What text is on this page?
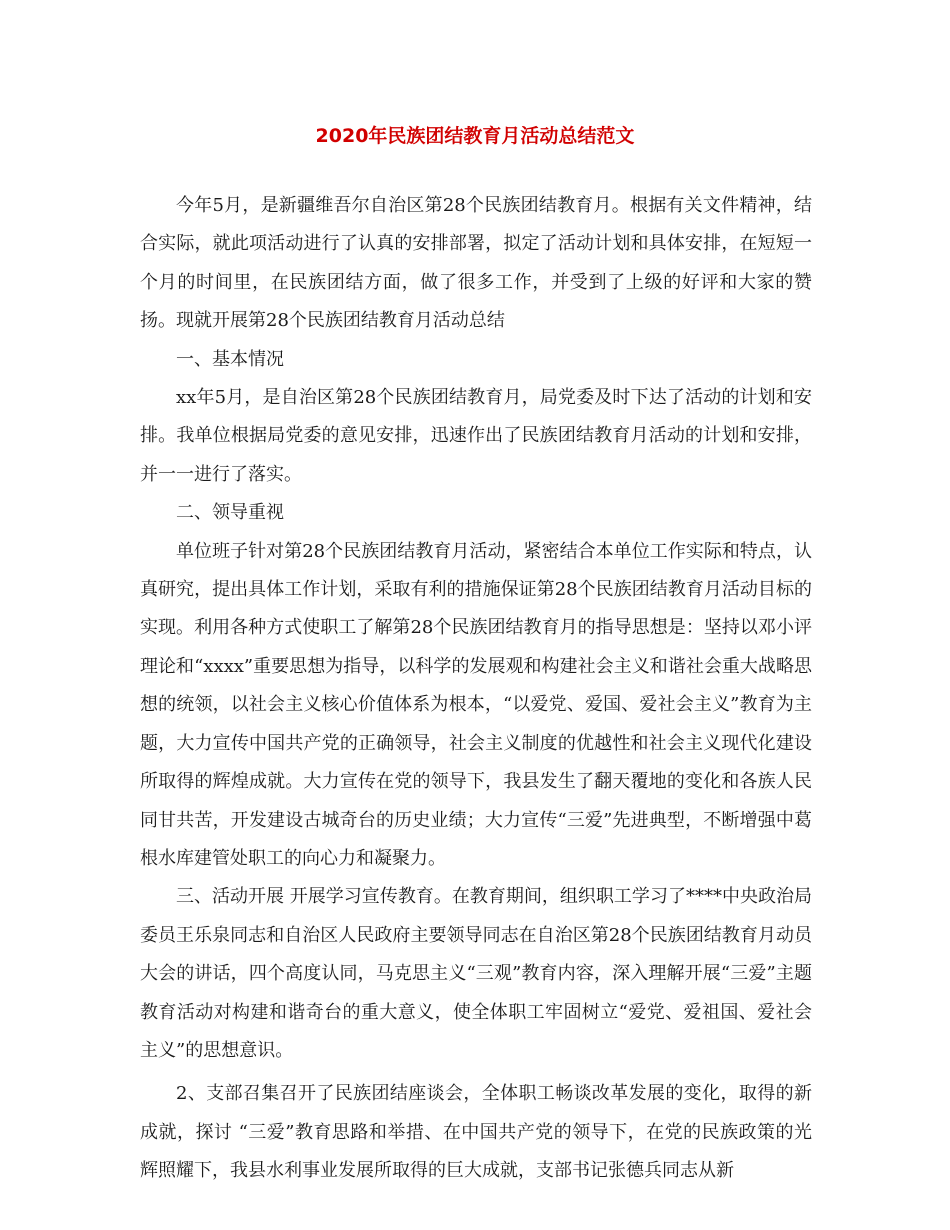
2020年民族团结教育月活动总结范文

今年5月，是新疆维吾尔自治区第28个民族团结教育月。根据有关文件精神，结合实际，就此项活动进行了认真的安排部署，拟定了活动计划和具体安排，在短短一个月的时间里，在民族团结方面，做了很多工作，并受到了上级的好评和大家的赞扬。现就开展第28个民族团结教育月活动总结

一、基本情况

xx年5月，是自治区第28个民族团结教育月，局党委及时下达了活动的计划和安排。我单位根据局党委的意见安排，迅速作出了民族团结教育月活动的计划和安排，并一一进行了落实。

二、领导重视

单位班子针对第28个民族团结教育月活动，紧密结合本单位工作实际和特点，认真研究，提出具体工作计划，采取有利的措施保证第28个民族团结教育月活动目标的实现。利用各种方式使职工了解第28个民族团结教育月的指导思想是：坚持以邓小评理论和“xxxx”重要思想为指导，以科学的发展观和构建社会主义和谐社会重大战略思想的统领，以社会主义核心价值体系为根本，“以爱党、爱国、爱社会主义”教育为主题，大力宣传中国共产党的正确领导，社会主义制度的优越性和社会主义现代化建设所取得的辉煌成就。大力宣传在党的领导下，我县发生了翻天覆地的变化和各族人民同甘共苦，开发建设古城奇台的历史业绩；大力宣传“三爱”先进典型，不断增强中葛根水库建管处职工的向心力和凝聚力。

三、活动开展 开展学习宣传教育。在教育期间，组织职工学习了****中央政治局委员王乐泉同志和自治区人民政府主要领导同志在自治区第28个民族团结教育月动员大会的讲话，四个高度认同，马克思主义“三观”教育内容，深入理解开展“三爱”主题教育活动对构建和谐奇台的重大意义，使全体职工牢固树立“爱党、爱祖国、爱社会主义”的思想意识。

2、支部召集召开了民族团结座谈会，全体职工畅谈改革发展的变化，取得的新成就，探讨 “三爱”教育思路和举措、在中国共产党的领导下，在党的民族政策的光辉照耀下，我县水利事业发展所取得的巨大成就，支部书记张德兵同志从新
